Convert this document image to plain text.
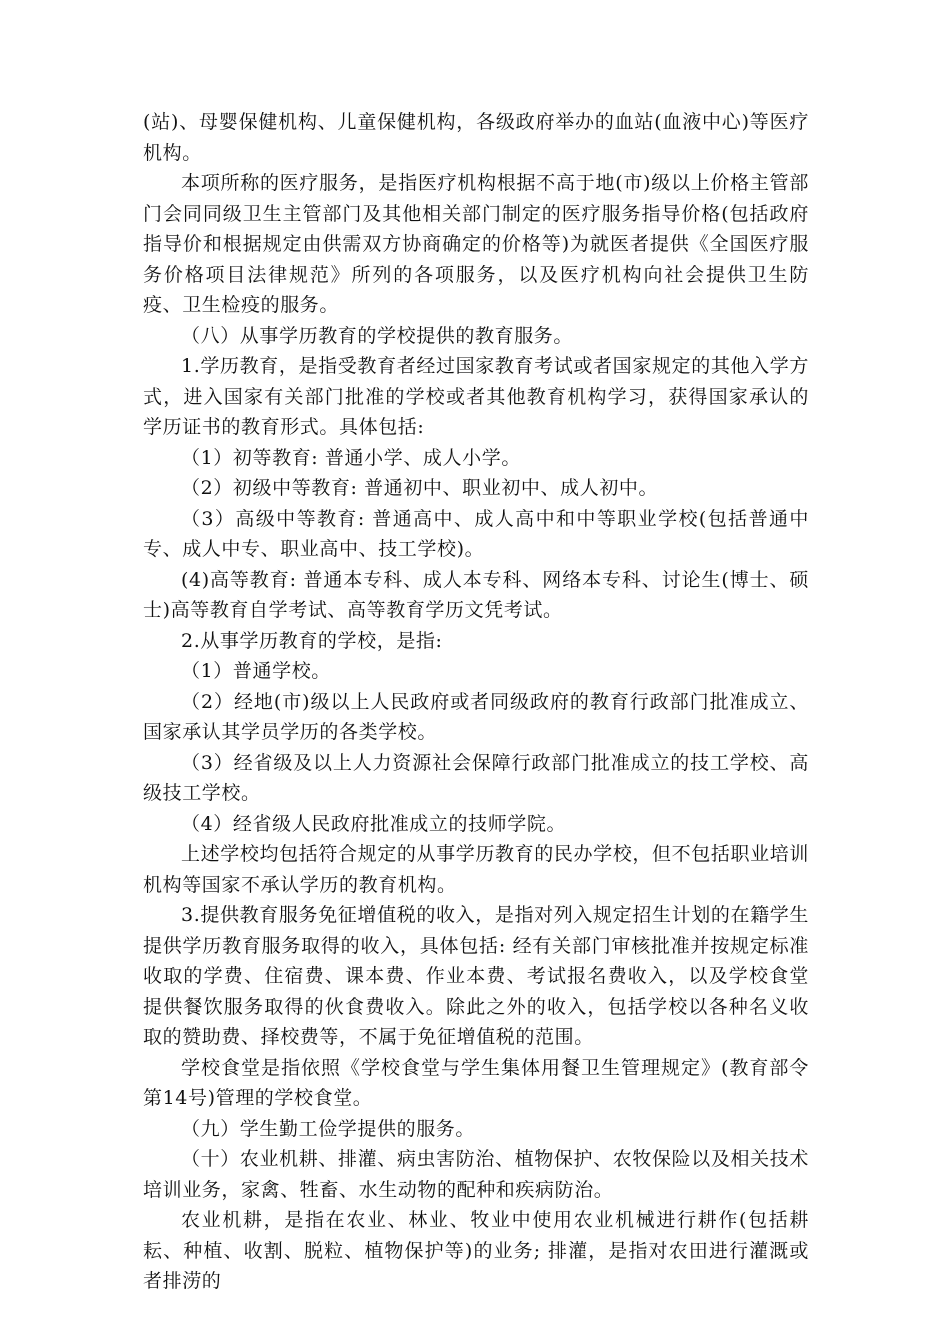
(站)、母婴保健机构、儿童保健机构，各级政府举办的血站(血液中心)等医疗机构。

本项所称的医疗服务，是指医疗机构根据不高于地(市)级以上价格主管部门会同同级卫生主管部门及其他相关部门制定的医疗服务指导价格(包括政府指导价和根据规定由供需双方协商确定的价格等)为就医者提供《全国医疗服务价格项目法律规范》所列的各项服务，以及医疗机构向社会提供卫生防疫、卫生检疫的服务。

（八）从事学历教育的学校提供的教育服务。

1.学历教育，是指受教育者经过国家教育考试或者国家规定的其他入学方式，进入国家有关部门批准的学校或者其他教育机构学习，获得国家承认的学历证书的教育形式。具体包括:

（1）初等教育: 普通小学、成人小学。

（2）初级中等教育: 普通初中、职业初中、成人初中。

（3）高级中等教育: 普通高中、成人高中和中等职业学校(包括普通中专、成人中专、职业高中、技工学校)。

(4)高等教育: 普通本专科、成人本专科、网络本专科、讨论生(博士、硕士)高等教育自学考试、高等教育学历文凭考试。

2.从事学历教育的学校，是指:

（1）普通学校。

（2）经地(市)级以上人民政府或者同级政府的教育行政部门批准成立、国家承认其学员学历的各类学校。

（3）经省级及以上人力资源社会保障行政部门批准成立的技工学校、高级技工学校。

（4）经省级人民政府批准成立的技师学院。

上述学校均包括符合规定的从事学历教育的民办学校，但不包括职业培训机构等国家不承认学历的教育机构。

3.提供教育服务免征增值税的收入，是指对列入规定招生计划的在籍学生提供学历教育服务取得的收入，具体包括: 经有关部门审核批准并按规定标准收取的学费、住宿费、课本费、作业本费、考试报名费收入，以及学校食堂提供餐饮服务取得的伙食费收入。除此之外的收入，包括学校以各种名义收取的赞助费、择校费等，不属于免征增值税的范围。

学校食堂是指依照《学校食堂与学生集体用餐卫生管理规定》(教育部令第14号)管理的学校食堂。

（九）学生勤工俭学提供的服务。

（十）农业机耕、排灌、病虫害防治、植物保护、农牧保险以及相关技术培训业务，家禽、牲畜、水生动物的配种和疾病防治。

农业机耕，是指在农业、林业、牧业中使用农业机械进行耕作(包括耕耘、种植、收割、脱粒、植物保护等)的业务; 排灌，是指对农田进行灌溉或者排涝的
